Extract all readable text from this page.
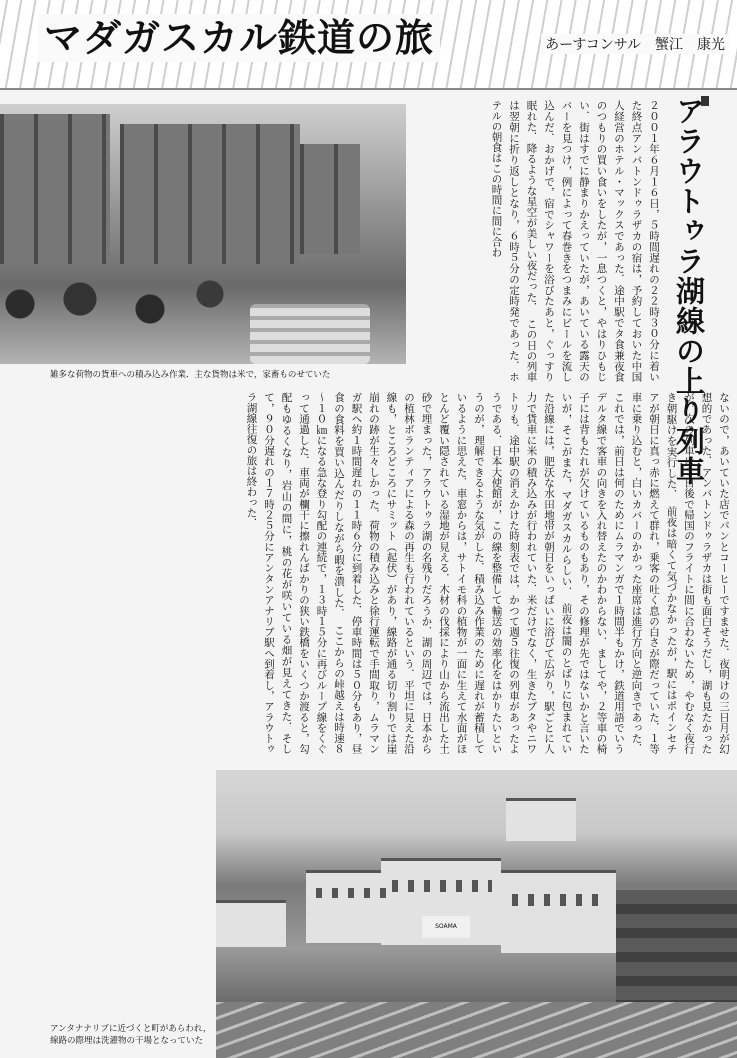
マダガスカル鉄道の旅	あーすコンサル　蟹江　康光
雑多な荷物の貨車への積み込み作業．主な貨物は米で，家畜ものせていた	アラウトゥラ湖線の上り列車
２００１年６月１６日，５時間遅れの２２時３０分に着いた終点アンバトンドゥラザカの宿は，予約しておいた中国人経営のホテル・マックスであった．途中駅でタ食兼夜食のつもりの買い食いをしたが，一息つくと，やはりひもじい．街はすでに静まりかえっていたが，あいている露天のバーを見つけ，例によって春巻きをつまみにビールを流し込んだ．おかげで，宿でシャワーを浴びたあと，ぐっすり眠れた．降るような星空が美しい夜だった．　この日の列車は翌朝に折り返しとなり，６時５分の定時発であった．ホテルの朝食はこの時間に間に合わ
ないので，あいていた店でパンとコーヒーですませた．夜明けの三日月が幻想的であった．アンバトンドゥラザカは街も面白そうだし，湖も見たかったが，次の列車は３日後で帰国のフライトに間に合わないため，やむなく夜行き朝駆けを実行した．　前夜は暗くて気づかなかったが，駅にはポインセチアが朝日に真っ赤に燃えて群れ，乗客の吐く息の白さが際だっていた．１等車に乗り込むと，白いカバーのかかった座席は進行方向と逆向きであった．これでは，前日は何のためにムラマンガで１時間半もかけ，鉄道用語でいうデルタ線で客車の向きを入れ替えたのかわからない．ましてや，２等車の椅子には背もたれが欠けているものもあり，その修理が先ではないかと言いたいが，そこがまた，マダガスカルらしい．　前夜は闇のとばりに包まれていた沿線には，肥沃な水田地帯が朝日をいっぱいに浴びて広がり，駅ごとに人力で貨車に米の積み込みが行われていた．米だけでなく，生きたブタやニワトリも．途中駅の消えかけた時刻表では，かつて週５往復の列車があったようである．日本大使館が，この線を整備して輸送の効率化をはかりたいというのが，理解できるような気がした．積み込み作業のために遅れが蓄積しているように思えた．車窓からは，サトイモ科の植物が一面に生えて水面がほとんど覆い隠されている湿地が見える．木材の伐採により山から流出した土砂で埋まった，アラウトゥラ湖の名残りだろうか．湖の周辺では，日本からの植林ボランティアによる森の再生も行われているという．平坦に見えた沿線も，ところどころにサミット（起伏）があり，線路が通る切り割りでは崖崩れの跡が生々しかった．荷物の積み込みと徐行運転で手間取り，ムラマンガ駅へ約１時間遅れの１１時６分に到着した．停車時間は５０分もあり，昼食の食料を買い込んだりしながら暇を潰した．　ここからの峠越えは時速８～１０㎞になる急な登り勾配の連続で，１３時１５分に再びループ線をくぐって通過した．車両が欄干に擦れんばかりの狭い鉄橋をいくつか渡ると，勾配もゆるくなり，岩山の間に，桃の花が咲いている畑が見えてきた．そして，９０分遅れの１７時２５分にアンタンアナリブ駅へ到着し，アラウトゥラ湖線往復の旅は終わった．
SOAMA
アンタナナリブに近づくと町があらわれ，線路の際埋は洗濯物の干場となっていた
